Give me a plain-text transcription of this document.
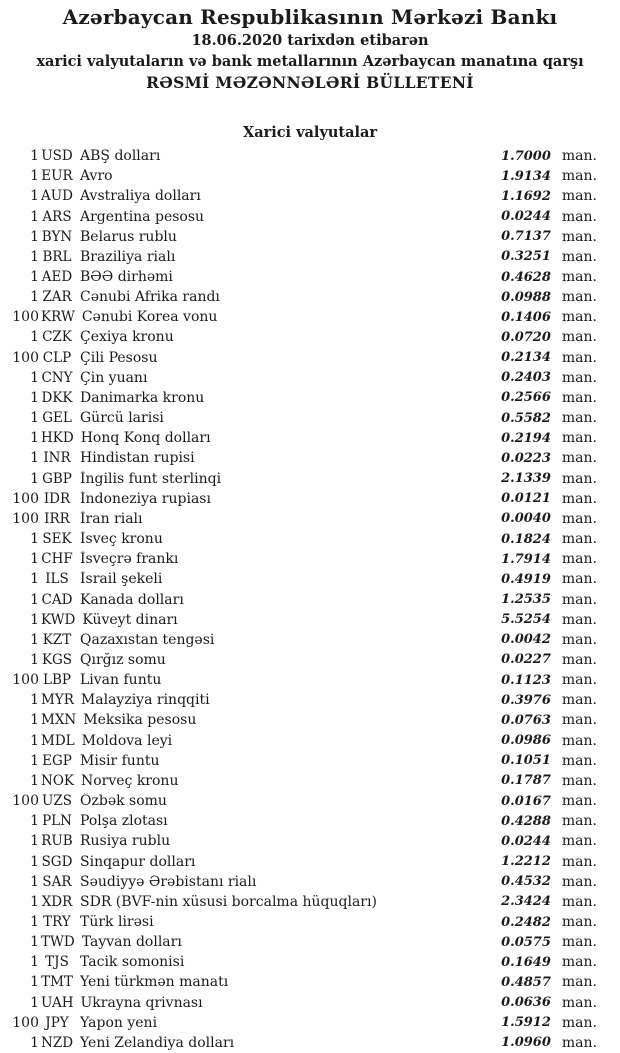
Azərbaycan Respublikasının Mərkəzi Bankı
18.06.2020 tarixdən etibarən
xarici valyutaların və bank metallarının Azərbaycan manatına qarşı
RƏSMİ MƏZƏNNƏLƏRİ BÜLLETENİ
Xarici valyutalar
1 USD ABŞ dolları	1.7000 man.
1 EUR Avro	1.9134 man.
1 AUD Avstraliya dolları	1.1692 man.
1 ARS Argentina pesosu	0.0244 man.
1 BYN Belarus rublu	0.7137 man.
1 BRL Braziliya rialı	0.3251 man.
1 AED BƏƏ dirhəmi	0.4628 man.
1 ZAR Cənubi Afrika randı	0.0988 man.
100 KRW Cənubi Korea vonu	0.1406 man.
1 CZK Çexiya kronu	0.0720 man.
100 CLP Çili Pesosu	0.2134 man.
1 CNY Çin yuanı	0.2403 man.
1 DKK Danimarka kronu	0.2566 man.
1 GEL Gürcü larisi	0.5582 man.
1 HKD Honq Konq dolları	0.2194 man.
1 INR Hindistan rupisi	0.0223 man.
1 GBP İngilis funt sterlinqi	2.1339 man.
100 IDR İndoneziya rupiası	0.0121 man.
100 IRR İran rialı	0.0040 man.
1 SEK İsveç kronu	0.1824 man.
1 CHF İsveçrə frankı	1.7914 man.
1 ILS İsrail şekeli	0.4919 man.
1 CAD Kanada dolları	1.2535 man.
1 KWD Küveyt dinarı	5.5254 man.
1 KZT Qazaxıstan tengəsi	0.0042 man.
1 KGS Qırğız somu	0.0227 man.
100 LBP Livan funtu	0.1123 man.
1 MYR Malayziya rinqqiti	0.3976 man.
1 MXN Meksika pesosu	0.0763 man.
1 MDL Moldova leyi	0.0986 man.
1 EGP Misir funtu	0.1051 man.
1 NOK Norveç kronu	0.1787 man.
100 UZS Özbək somu	0.0167 man.
1 PLN Polşa zlotası	0.4288 man.
1 RUB Rusiya rublu	0.0244 man.
1 SGD Sinqapur dolları	1.2212 man.
1 SAR Səudiyyə Ərəbistanı rialı	0.4532 man.
1 XDR SDR (BVF-nin xüsusi borcalma hüquqları)	2.3424 man.
1 TRY Türk lirəsi	0.2482 man.
1 TWD Tayvan dolları	0.0575 man.
1 TJS Tacik somonisi	0.1649 man.
1 TMT Yeni türkmən manatı	0.4857 man.
1 UAH Ukrayna qrivnası	0.0636 man.
100 JPY Yapon yeni	1.5912 man.
1 NZD Yeni Zelandiya dolları	1.0960 man.
